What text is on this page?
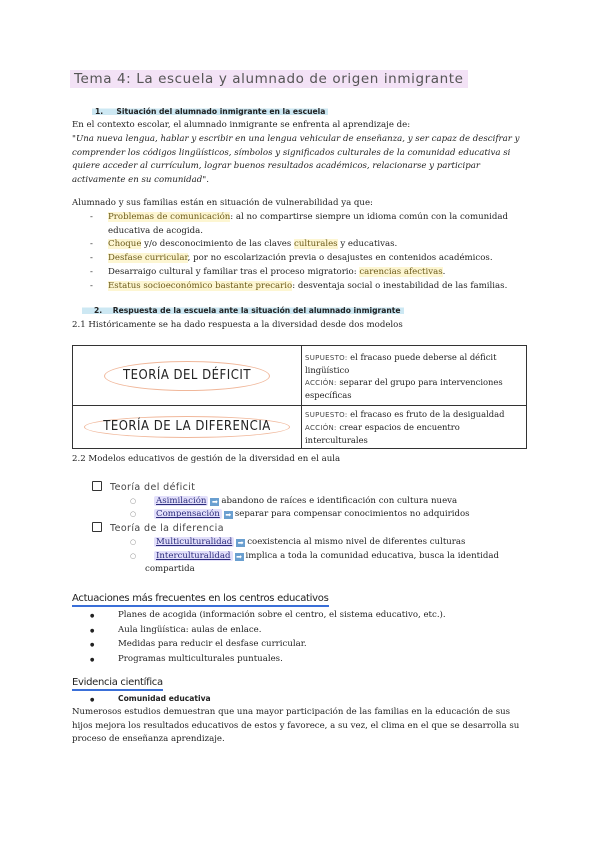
Tema 4: La escuela y alumnado de origen inmigrante
1. Situación del alumnado inmigrante en la escuela
En el contexto escolar, el alumnado inmigrante se enfrenta al aprendizaje de:
"Una nueva lengua, hablar y escribir en una lengua vehicular de enseñanza, y ser capaz de descifrar y
comprender los códigos lingüísticos, símbolos y significados culturales de la comunidad educativa si
quiere acceder al currículum, lograr buenos resultados académicos, relacionarse y participar
activamente en su comunidad".
Alumnado y sus familias están en situación de vulnerabilidad ya que:
- Problemas de comunicación: al no compartirse siempre un idioma común con la comunidad
educativa de acogida.
- Choque y/o desconocimiento de las claves culturales y educativas.
- Desfase curricular, por no escolarización previa o desajustes en contenidos académicos.
- Desarraigo cultural y familiar tras el proceso migratorio: carencias afectivas.
- Estatus socioeconómico bastante precario: desventaja social o inestabilidad de las familias.
2. Respuesta de la escuela ante la situación del alumnado inmigrante
2.1 Históricamente se ha dado respuesta a la diversidad desde dos modelos
TEORÍA DEL DÉFICIT	SUPUESTO: el fracaso puede deberse al déficit lingüístico
ACCIÓN: separar del grupo para intervenciones específicas
TEORÍA DE LA DIFERENCIA	SUPUESTO: el fracaso es fruto de la desigualdad
ACCIÓN: crear espacios de encuentro interculturales
2.2 Modelos educativos de gestión de la diversidad en el aula
Teoría del déficit
○ Asimilación ➡ abandono de raíces e identificación con cultura nueva
○ Compensación ➡ separar para compensar conocimientos no adquiridos
Teoría de la diferencia
○ Multiculturalidad ➡ coexistencia al mismo nivel de diferentes culturas
○ Interculturalidad ➡ implica a toda la comunidad educativa, busca la identidad
compartida
Actuaciones más frecuentes en los centros educativos
●	Planes de acogida (información sobre el centro, el sistema educativo, etc.).
●	Aula lingüística: aulas de enlace.
●	Medidas para reducir el desfase curricular.
●	Programas multiculturales puntuales.
Evidencia científica
●	Comunidad educativa
Numerosos estudios demuestran que una mayor participación de las familias en la educación de sus
hijos mejora los resultados educativos de estos y favorece, a su vez, el clima en el que se desarrolla su
proceso de enseñanza aprendizaje.
